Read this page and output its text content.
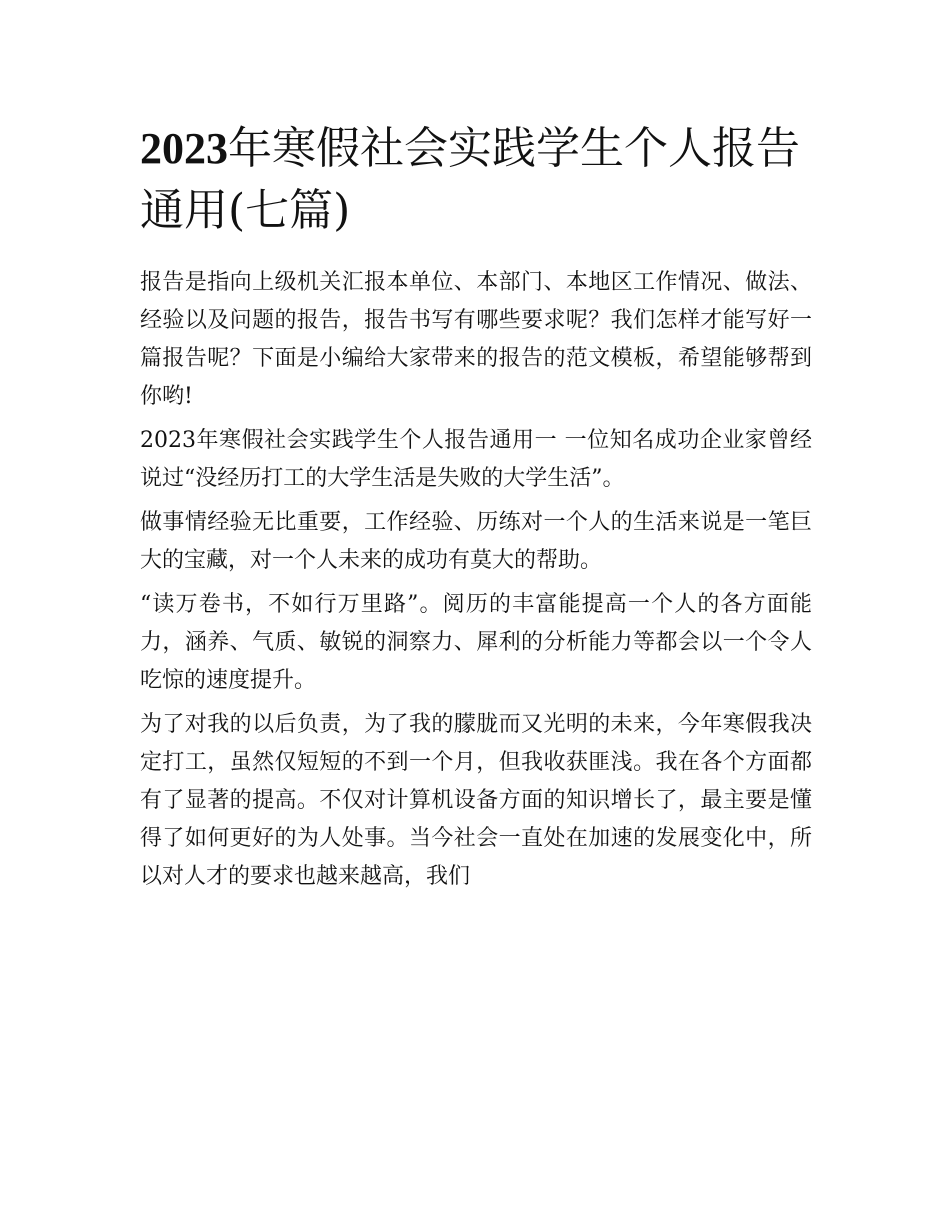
2023年寒假社会实践学生个人报告通用(七篇)

报告是指向上级机关汇报本单位、本部门、本地区工作情况、做法、经验以及问题的报告，报告书写有哪些要求呢？我们怎样才能写好一篇报告呢？下面是小编给大家带来的报告的范文模板，希望能够帮到你哟!

2023年寒假社会实践学生个人报告通用一 一位知名成功企业家曾经说过“没经历打工的大学生活是失败的大学生活”。

做事情经验无比重要，工作经验、历练对一个人的生活来说是一笔巨大的宝藏，对一个人未来的成功有莫大的帮助。

“读万卷书，不如行万里路”。阅历的丰富能提高一个人的各方面能力，涵养、气质、敏锐的洞察力、犀利的分析能力等都会以一个令人吃惊的速度提升。

为了对我的以后负责，为了我的朦胧而又光明的未来，今年寒假我决定打工，虽然仅短短的不到一个月，但我收获匪浅。我在各个方面都有了显著的提高。不仅对计算机设备方面的知识增长了，最主要是懂得了如何更好的为人处事。当今社会一直处在加速的发展变化中，所以对人才的要求也越来越高，我们
